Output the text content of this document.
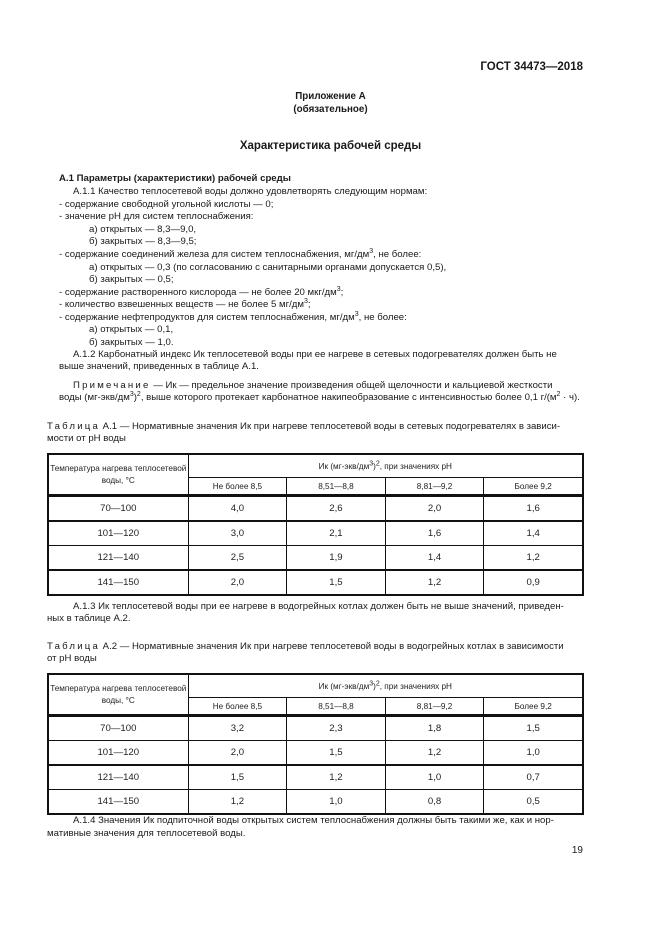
ГОСТ 34473—2018
Приложение А
(обязательное)
Характеристика рабочей среды
А.1 Параметры (характеристики) рабочей среды
А.1.1 Качество теплосетевой воды должно удовлетворять следующим нормам:
- содержание свободной угольной кислоты — 0;
- значение pH для систем теплоснабжения:
а) открытых — 8,3—9,0,
б) закрытых — 8,3—9,5;
- содержание соединений железа для систем теплоснабжения, $мг/дм^3$, не более:
а) открытых — 0,3 (по согласованию с санитарными органами допускается 0,5),
б) закрытых — 0,5;
- содержание растворенного кислорода — не более 20 мкг/$дм^3$;
- количество взвешенных веществ — не более 5 $мг/дм^3$;
- содержание нефтепродуктов для систем теплоснабжения, $мг/дм^3$, не более:
а) открытых — 0,1,
б) закрытых — 1,0.
А.1.2 Карбонатный индекс Ик теплосетевой воды при ее нагреве в сетевых подогревателях должен быть не
выше значений, приведенных в таблице А.1.
Примечание — Ик — предельное значение произведения общей щелочности и кальциевой жесткости
воды $(мг-экв/дм^3)^2$, выше которого протекает карбонатное накипеобразование с интенсивностью более 0,1 $г/(м^2 \cdot ч)$.
Таблица А.1 — Нормативные значения Ик при нагреве теплосетевой воды в сетевых подогревателях в зависи-
мости от pH воды
Температура нагрева теплосетевой воды, °С	Ик $(мг-экв/дм^3)^2$, при значениях pH			
	Не более 8,5	8,51—8,8	8,81—9,2	Более 9,2
70—100	4,0	2,6	2,0	1,6
101—120	3,0	2,1	1,6	1,4
121—140	2,5	1,9	1,4	1,2
141—150	2,0	1,5	1,2	0,9
А.1.3 Ик теплосетевой воды при ее нагреве в водогрейных котлах должен быть не выше значений, приведен-
ных в таблице А.2.
Таблица А.2 — Нормативные значения Ик при нагреве теплосетевой воды в водогрейных котлах в зависимости
от pH воды
Температура нагрева теплосетевой воды, °С	Ик $(мг-экв/дм^3)^2$, при значениях pH			
	Не более 8,5	8,51—8,8	8,81—9,2	Более 9,2
70—100	3,2	2,3	1,8	1,5
101—120	2,0	1,5	1,2	1,0
121—140	1,5	1,2	1,0	0,7
141—150	1,2	1,0	0,8	0,5
А.1.4 Значения Ик подпиточной воды открытых систем теплоснабжения должны быть такими же, как и нор-
мативные значения для теплосетевой воды.
19
